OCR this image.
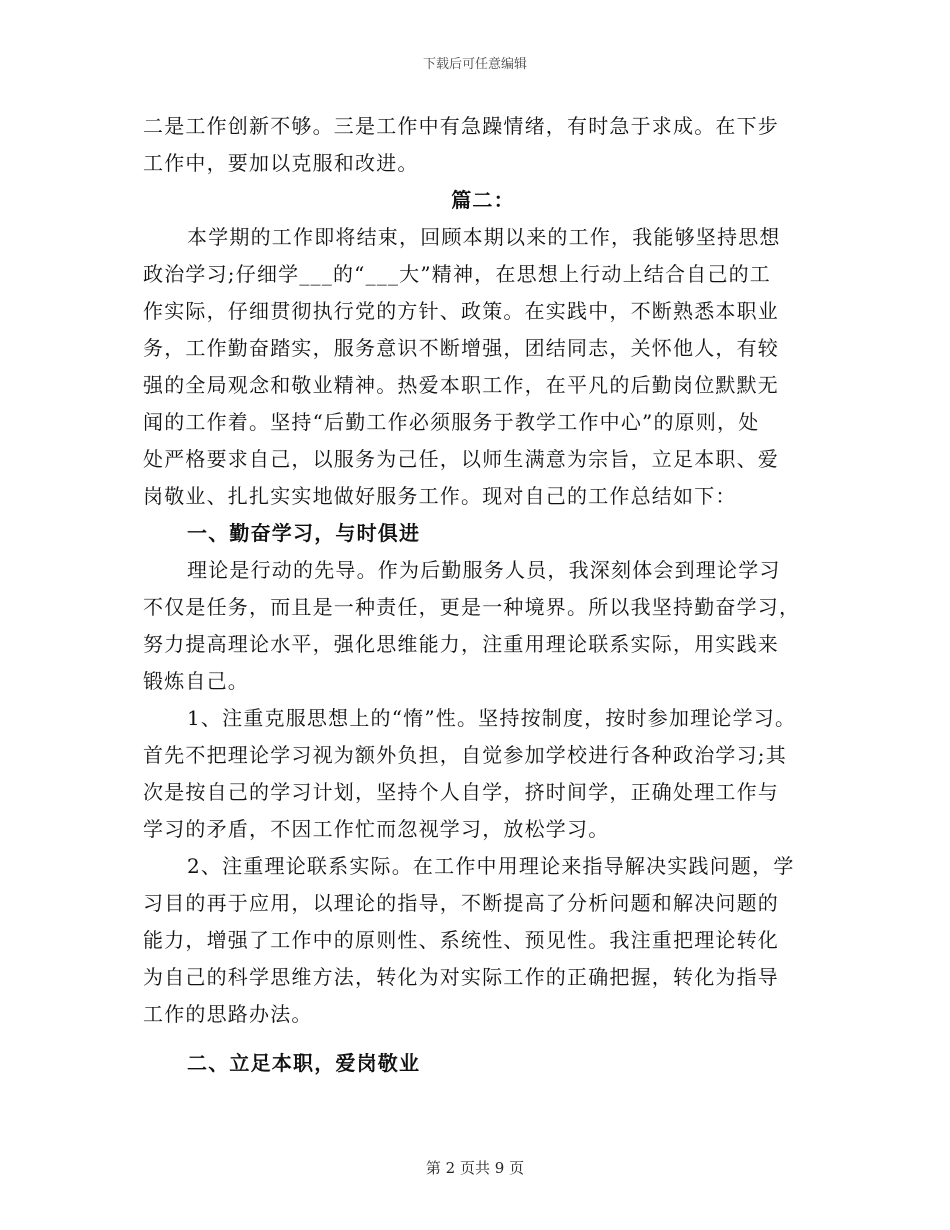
下载后可任意编辑
二是工作创新不够。三是工作中有急躁情绪，有时急于求成。在下步
工作中，要加以克服和改进。
篇二：
本学期的工作即将结束，回顾本期以来的工作，我能够坚持思想
政治学习;仔细学___的“___大”精神，在思想上行动上结合自己的工
作实际，仔细贯彻执行党的方针、政策。在实践中，不断熟悉本职业
务，工作勤奋踏实，服务意识不断增强，团结同志，关怀他人，有较
强的全局观念和敬业精神。热爱本职工作，在平凡的后勤岗位默默无
闻的工作着。坚持“后勤工作必须服务于教学工作中心”的原则，处
处严格要求自己，以服务为己任，以师生满意为宗旨，立足本职、爱
岗敬业、扎扎实实地做好服务工作。现对自己的工作总结如下：
一、勤奋学习，与时俱进
理论是行动的先导。作为后勤服务人员，我深刻体会到理论学习
不仅是任务，而且是一种责任，更是一种境界。所以我坚持勤奋学习，
努力提高理论水平，强化思维能力，注重用理论联系实际，用实践来
锻炼自己。
1、注重克服思想上的“惰”性。坚持按制度，按时参加理论学习。
首先不把理论学习视为额外负担，自觉参加学校进行各种政治学习;其
次是按自己的学习计划，坚持个人自学，挤时间学，正确处理工作与
学习的矛盾，不因工作忙而忽视学习，放松学习。
2、注重理论联系实际。在工作中用理论来指导解决实践问题，学
习目的再于应用，以理论的指导，不断提高了分析问题和解决问题的
能力，增强了工作中的原则性、系统性、预见性。我注重把理论转化
为自己的科学思维方法，转化为对实际工作的正确把握，转化为指导
工作的思路办法。
二、立足本职，爱岗敬业
第 2 页共 9 页
